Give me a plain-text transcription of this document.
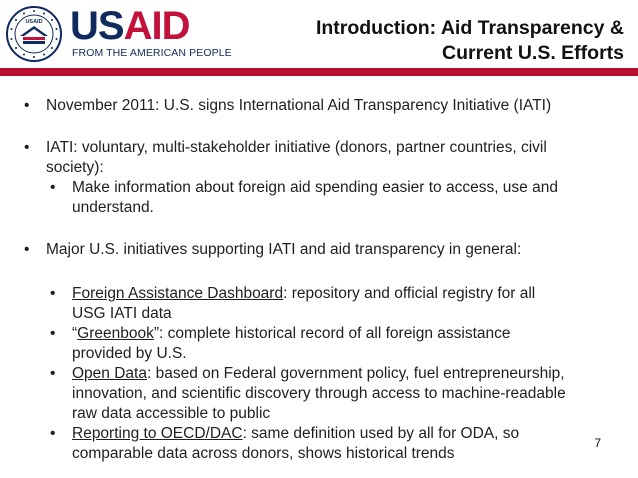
USAID USAID
FROM THE AMERICAN PEOPLE
Introduction: Aid Transparency &
Current U.S. Efforts
• November 2011: U.S. signs International Aid Transparency Initiative (IATI)
• IATI: voluntary, multi-stakeholder initiative (donors, partner countries, civil
society):
• Make information about foreign aid spending easier to access, use and
understand.
• Major U.S. initiatives supporting IATI and aid transparency in general:
• Foreign Assistance Dashboard: repository and official registry for all
USG IATI data
• “Greenbook”: complete historical record of all foreign assistance
provided by U.S.
• Open Data: based on Federal government policy, fuel entrepreneurship,
innovation, and scientific discovery through access to machine-readable
raw data accessible to public
• Reporting to OECD/DAC: same definition used by all for ODA, so
comparable data across donors, shows historical trends
7
